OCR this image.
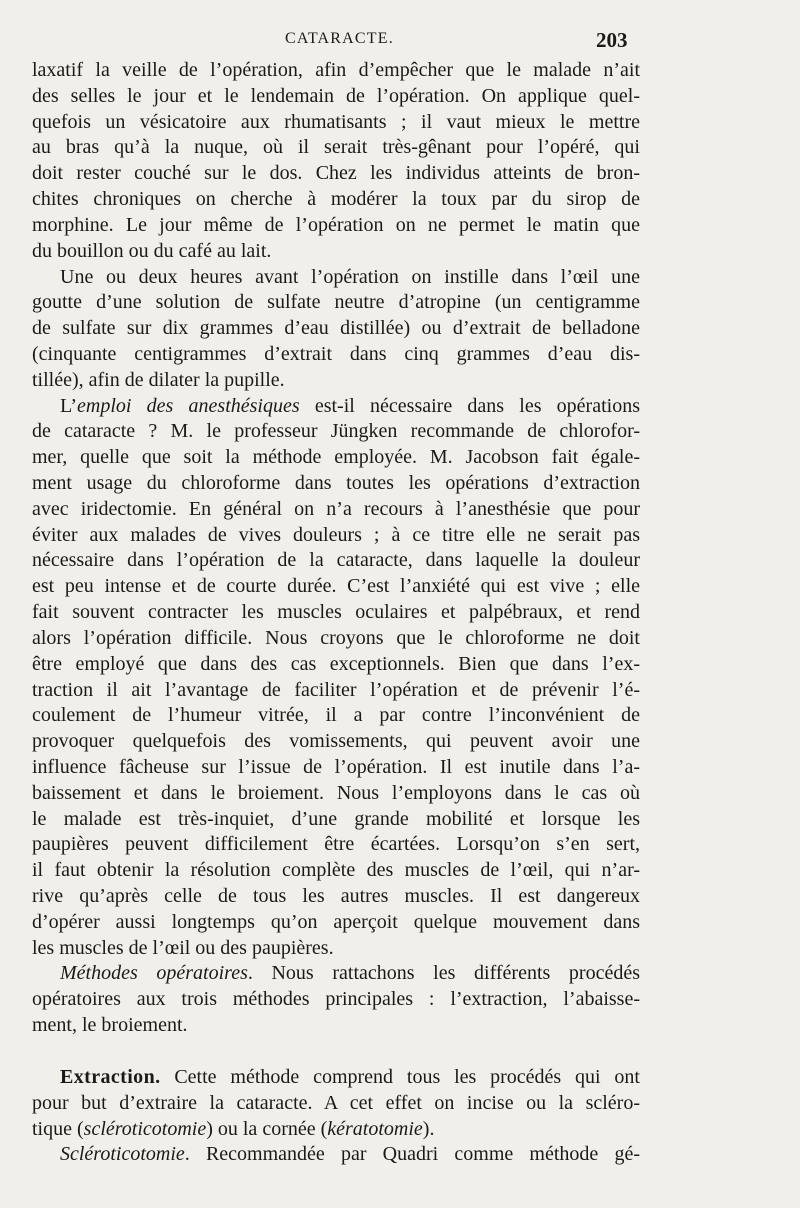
CATARACTE.	203
laxatif la veille de l’opération, afin d’empêcher que le malade n’ait
des selles le jour et le lendemain de l’opération. On applique quel-
quefois un vésicatoire aux rhumatisants ; il vaut mieux le mettre
au bras qu’à la nuque, où il serait très-gênant pour l’opéré, qui
doit rester couché sur le dos. Chez les individus atteints de bron-
chites chroniques on cherche à modérer la toux par du sirop de
morphine. Le jour même de l’opération on ne permet le matin que
du bouillon ou du café au lait.
Une ou deux heures avant l’opération on instille dans l’œil une
goutte d’une solution de sulfate neutre d’atropine (un centigramme
de sulfate sur dix grammes d’eau distillée) ou d’extrait de belladone
(cinquante centigrammes d’extrait dans cinq grammes d’eau dis-
tillée), afin de dilater la pupille.
L’emploi des anesthésiques est-il nécessaire dans les opérations
de cataracte ? M. le professeur Jüngken recommande de chlorofor-
mer, quelle que soit la méthode employée. M. Jacobson fait égale-
ment usage du chloroforme dans toutes les opérations d’extraction
avec iridectomie. En général on n’a recours à l’anesthésie que pour
éviter aux malades de vives douleurs ; à ce titre elle ne serait pas
nécessaire dans l’opération de la cataracte, dans laquelle la douleur
est peu intense et de courte durée. C’est l’anxiété qui est vive ; elle
fait souvent contracter les muscles oculaires et palpébraux, et rend
alors l’opération difficile. Nous croyons que le chloroforme ne doit
être employé que dans des cas exceptionnels. Bien que dans l’ex-
traction il ait l’avantage de faciliter l’opération et de prévenir l’é-
coulement de l’humeur vitrée, il a par contre l’inconvénient de
provoquer quelquefois des vomissements, qui peuvent avoir une
influence fâcheuse sur l’issue de l’opération. Il est inutile dans l’a-
baissement et dans le broiement. Nous l’employons dans le cas où
le malade est très-inquiet, d’une grande mobilité et lorsque les
paupières peuvent difficilement être écartées. Lorsqu’on s’en sert,
il faut obtenir la résolution complète des muscles de l’œil, qui n’ar-
rive qu’après celle de tous les autres muscles. Il est dangereux
d’opérer aussi longtemps qu’on aperçoit quelque mouvement dans
les muscles de l’œil ou des paupières.
Méthodes opératoires. Nous rattachons les différents procédés
opératoires aux trois méthodes principales : l’extraction, l’abaisse-
ment, le broiement.
Extraction. Cette méthode comprend tous les procédés qui ont
pour but d’extraire la cataracte. A cet effet on incise ou la scléro-
tique (scléroticotomie) ou la cornée (kératotomie).
Scléroticotomie. Recommandée par Quadri comme méthode gé-
